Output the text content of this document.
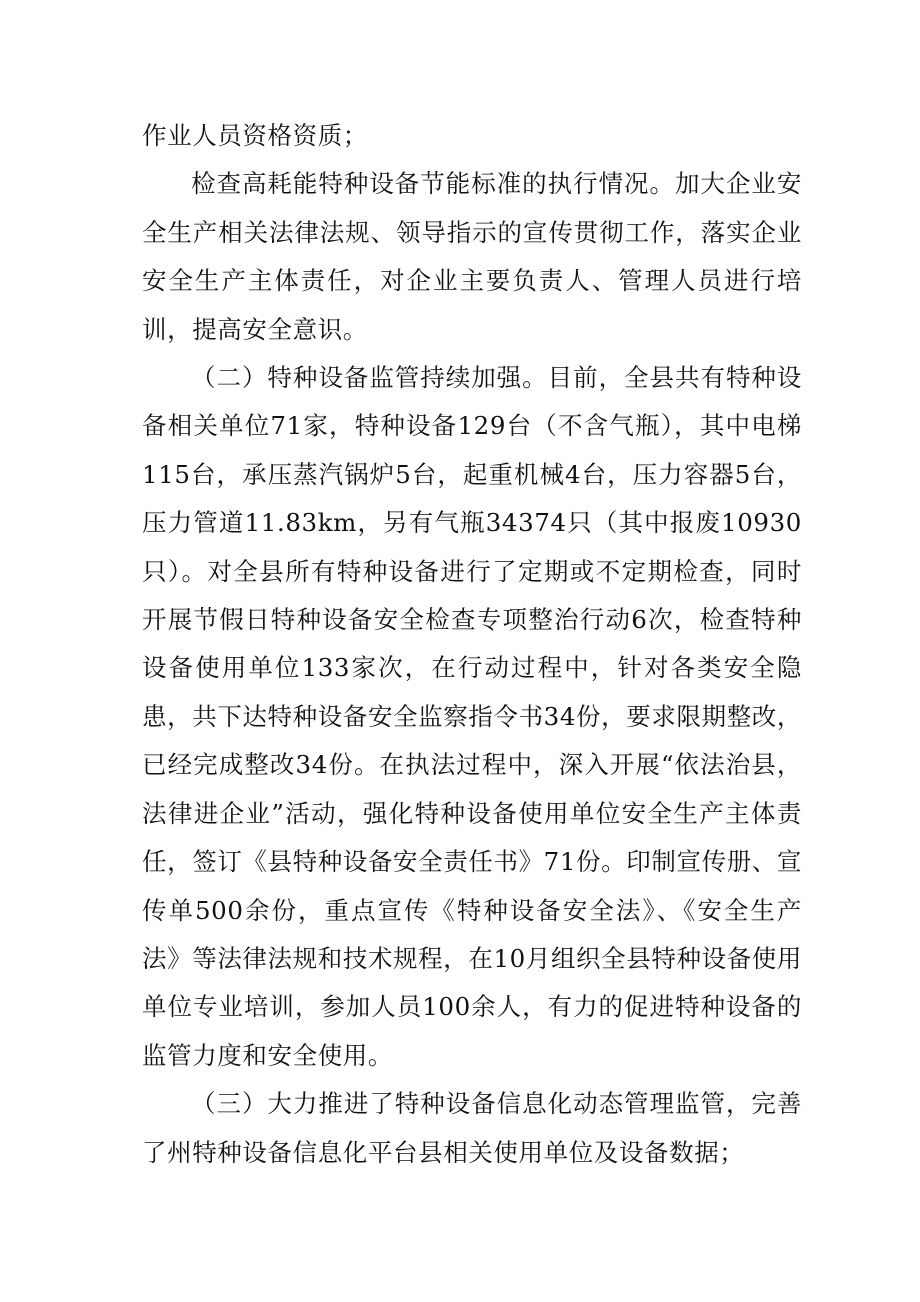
作业人员资格资质；

检查高耗能特种设备节能标准的执行情况。加大企业安全生产相关法律法规、领导指示的宣传贯彻工作，落实企业安全生产主体责任，对企业主要负责人、管理人员进行培训，提高安全意识。

（二）特种设备监管持续加强。目前，全县共有特种设备相关单位71家，特种设备129台（不含气瓶），其中电梯115台，承压蒸汽锅炉5台，起重机械4台，压力容器5台，压力管道11.83km，另有气瓶34374只（其中报废10930只）。对全县所有特种设备进行了定期或不定期检查，同时开展节假日特种设备安全检查专项整治行动6次，检查特种设备使用单位133家次，在行动过程中，针对各类安全隐患，共下达特种设备安全监察指令书34份，要求限期整改，已经完成整改34份。在执法过程中，深入开展“依法治县，法律进企业”活动，强化特种设备使用单位安全生产主体责任，签订《县特种设备安全责任书》71份。印制宣传册、宣传单500余份，重点宣传《特种设备安全法》、《安全生产法》等法律法规和技术规程，在10月组织全县特种设备使用单位专业培训，参加人员100余人，有力的促进特种设备的监管力度和安全使用。

（三）大力推进了特种设备信息化动态管理监管，完善了州特种设备信息化平台县相关使用单位及设备数据；
